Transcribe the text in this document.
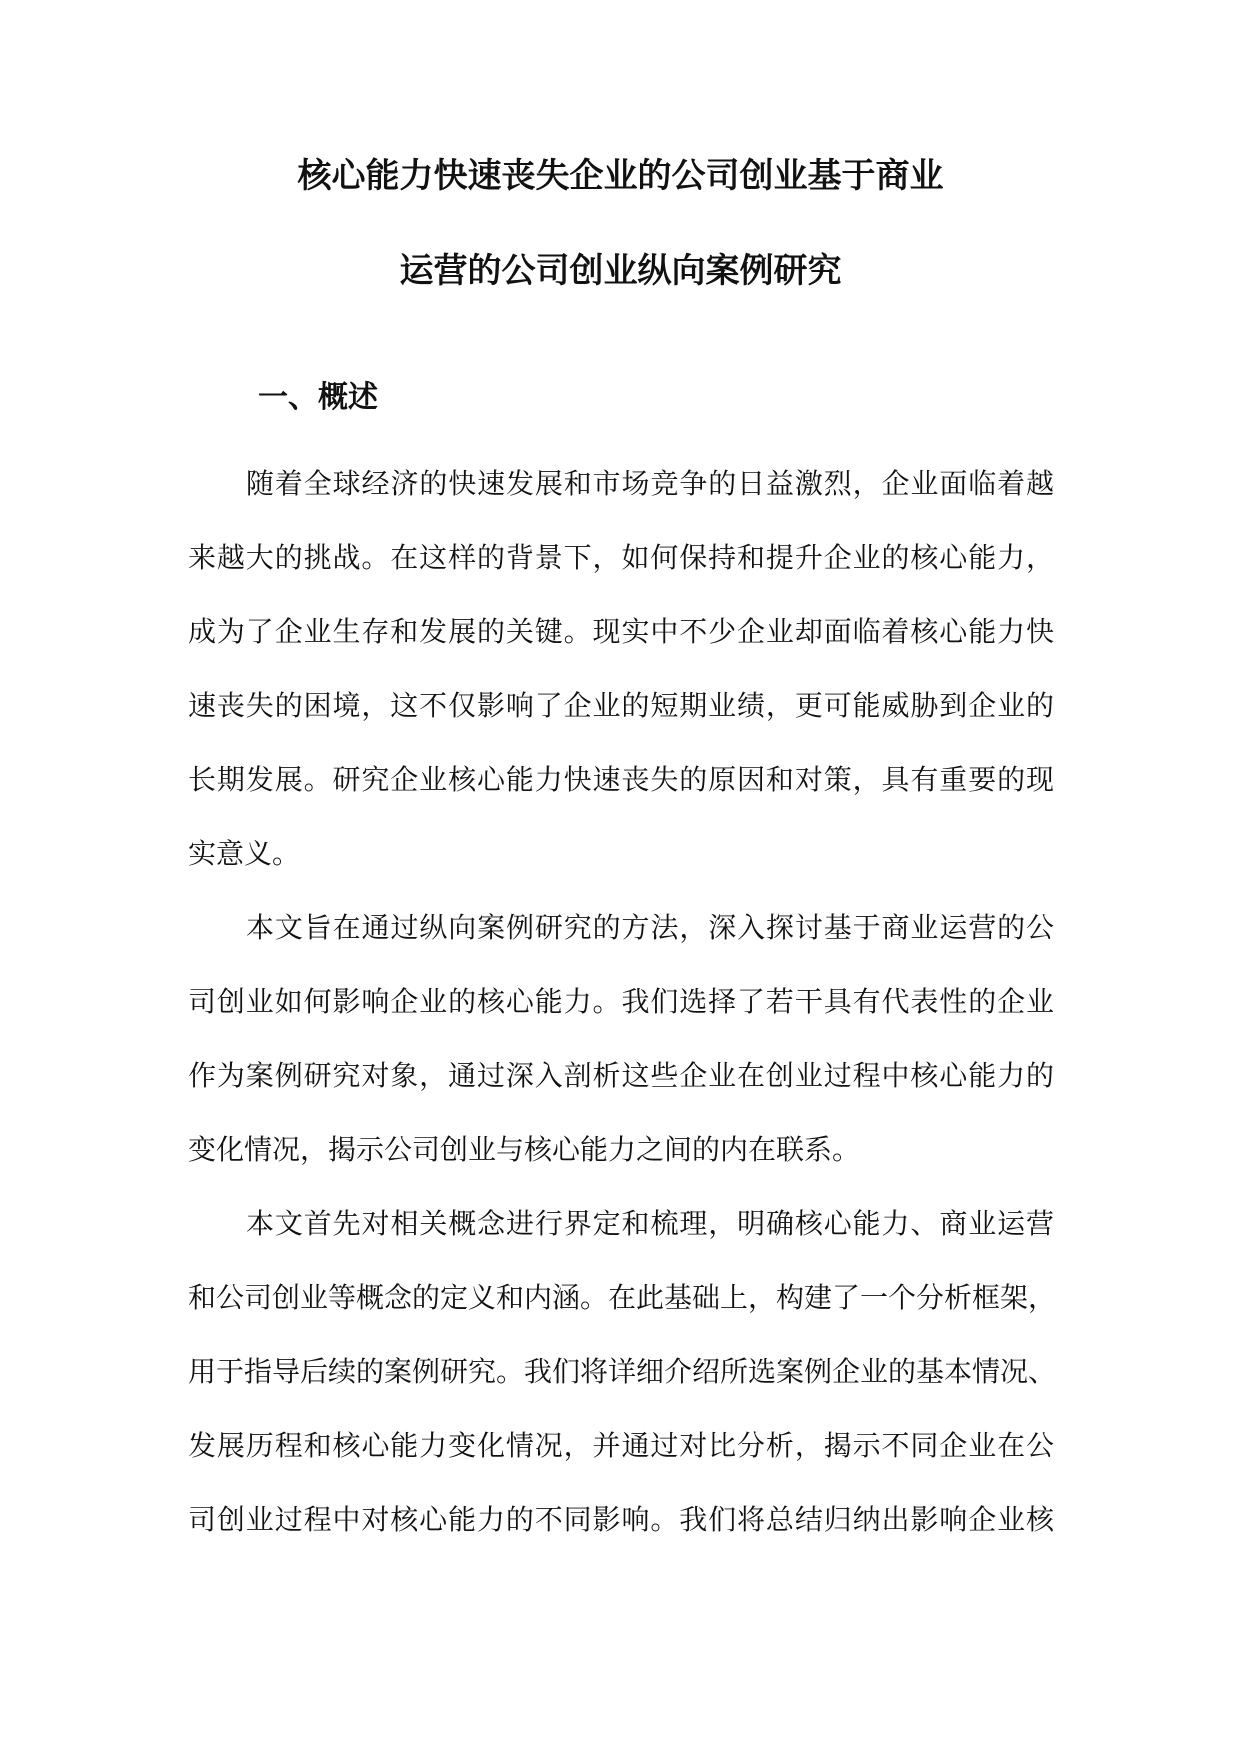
核心能力快速丧失企业的公司创业基于商业
运营的公司创业纵向案例研究
一、概述
随着全球经济的快速发展和市场竞争的日益激烈，企业面临着越
来越大的挑战。在这样的背景下，如何保持和提升企业的核心能力，
成为了企业生存和发展的关键。现实中不少企业却面临着核心能力快
速丧失的困境，这不仅影响了企业的短期业绩，更可能威胁到企业的
长期发展。研究企业核心能力快速丧失的原因和对策，具有重要的现
实意义。
本文旨在通过纵向案例研究的方法，深入探讨基于商业运营的公
司创业如何影响企业的核心能力。我们选择了若干具有代表性的企业
作为案例研究对象，通过深入剖析这些企业在创业过程中核心能力的
变化情况，揭示公司创业与核心能力之间的内在联系。
本文首先对相关概念进行界定和梳理，明确核心能力、商业运营
和公司创业等概念的定义和内涵。在此基础上，构建了一个分析框架，
用于指导后续的案例研究。我们将详细介绍所选案例企业的基本情况、
发展历程和核心能力变化情况，并通过对比分析，揭示不同企业在公
司创业过程中对核心能力的不同影响。我们将总结归纳出影响企业核
